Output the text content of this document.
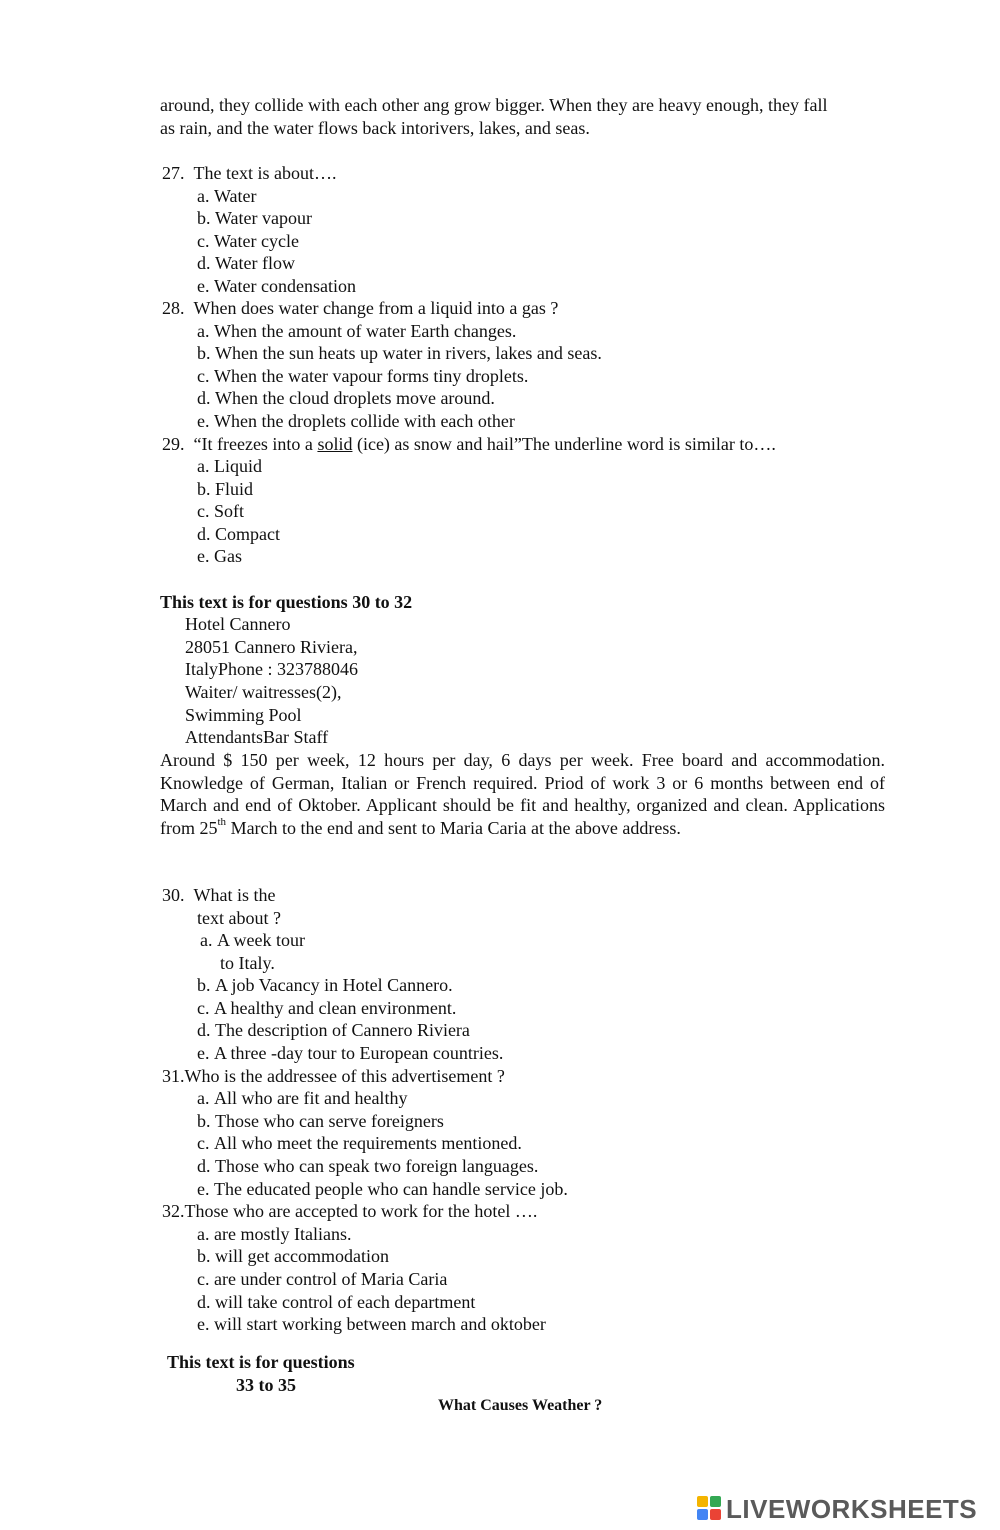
around, they collide with each other ang grow bigger. When they are heavy enough, they fall
as rain, and the water flows back intorivers, lakes, and seas.
27. The text is about….
a. Water
b. Water vapour
c. Water cycle
d. Water flow
e. Water condensation
28. When does water change from a liquid into a gas ?
a. When the amount of water Earth changes.
b. When the sun heats up water in rivers, lakes and seas.
c. When the water vapour forms tiny droplets.
d. When the cloud droplets move around.
e. When the droplets collide with each other
29. “It freezes into a solid (ice) as snow and hail”The underline word is similar to….
a. Liquid
b. Fluid
c. Soft
d. Compact
e. Gas
This text is for questions 30 to 32
Hotel Cannero
28051 Cannero Riviera,
ItalyPhone : 323788046
Waiter/ waitresses(2),
Swimming Pool
AttendantsBar Staff

Around $ 150 per week, 12 hours per day, 6 days per week. Free board and accommodation. Knowledge of German, Italian or French required. Priod of work 3 or 6 months between end of March and end of Oktober. Applicant should be fit and healthy, organized and clean. Applications from 25th March to the end and sent to Maria Caria at the above address.

30. What is the
text about ?
a. A week tour
to Italy.
b. A job Vacancy in Hotel Cannero.
c. A healthy and clean environment.
d. The description of Cannero Riviera
e. A three -day tour to European countries.
31.Who is the addressee of this advertisement ?
a. All who are fit and healthy
b. Those who can serve foreigners
c. All who meet the requirements mentioned.
d. Those who can speak two foreign languages.
e. The educated people who can handle service job.
32.Those who are accepted to work for the hotel ….
a. are mostly Italians.
b. will get accommodation
c. are under control of Maria Caria
d. will take control of each department
e. will start working between march and oktober
This text is for questions
33 to 35
What Causes Weather ?
LIVEWORKSHEETS
